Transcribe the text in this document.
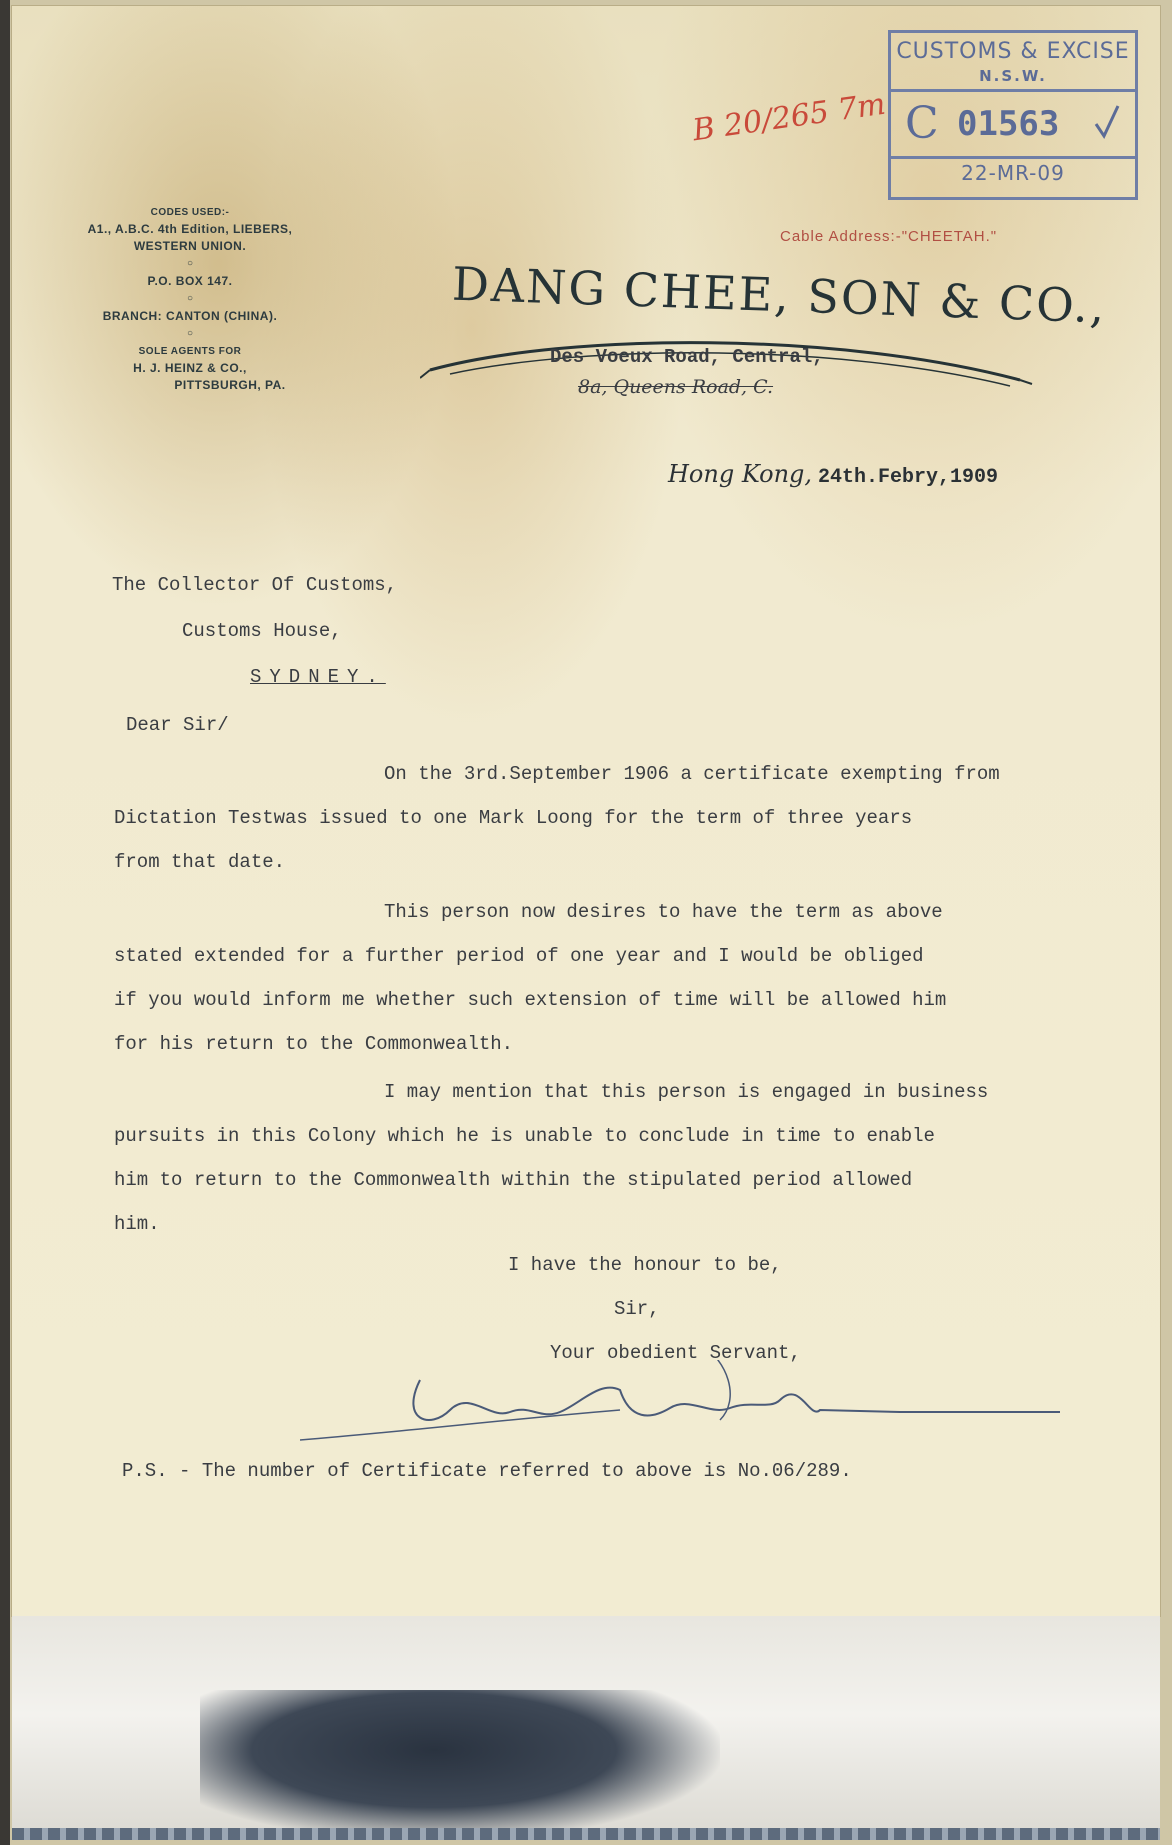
CUSTOMS & EXCISE
N.S.W.
C 01563
22-MR-09
B 20/265 7m
CODES USED:-
A1., A.B.C. 4th Edition, LIEBERS,
WESTERN UNION.
○
P.O. BOX 147.
○
BRANCH: CANTON (CHINA).
○
SOLE AGENTS FOR
H. J. HEINZ & CO.,
PITTSBURGH, PA.
Cable Address:-"CHEETAH."
DANG CHEE, SON & CO.,
Des Voeux Road, Central,
8a, Queens Road, C.
Hong Kong, 24th.Febry,1909
The Collector Of Customs,
Customs House,
SYDNEY.
Dear Sir/

On the 3rd.September 1906 a certificate exempting from

Dictation Testwas issued to one Mark Loong for the term of three years

from that date.

This person now desires to have the term as above

stated extended for a further period of one year and I would be obliged

if you would inform me whether such extension of time will be allowed him

for his return to the Commonwealth.

I may mention that this person is engaged in business

pursuits in this Colony which he is unable to conclude in time to enable

him to return to the Commonwealth within the stipulated period allowed

him.

I have the honour to be,
Sir,
Your obedient Servant,
P.S. - The number of Certificate referred to above is No.06/289.
